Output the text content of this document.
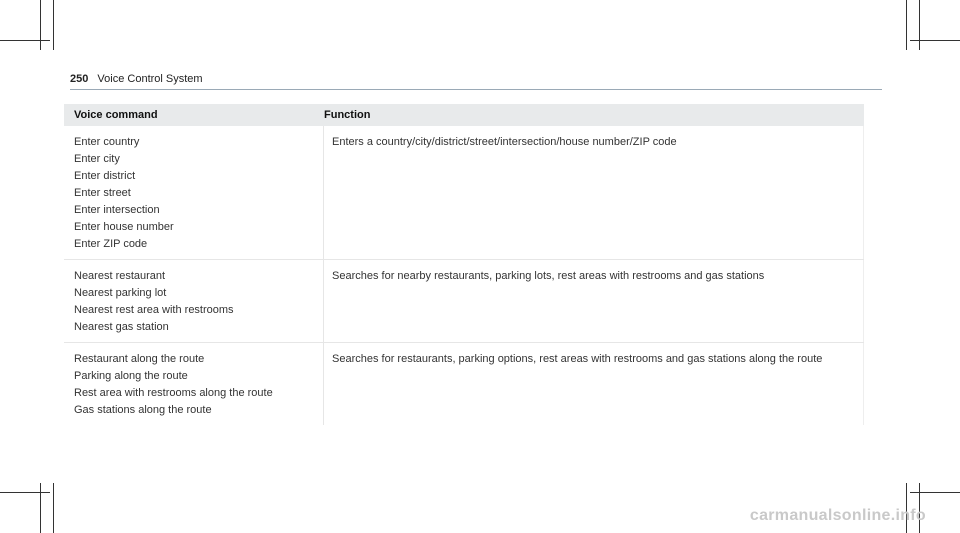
250 Voice Control System
Voice command	Function
Enter country
Enter city
Enter district
Enter street
Enter intersection
Enter house number
Enter ZIP code
Enters a country/city/district/street/intersection/house number/ZIP code
Nearest restaurant
Nearest parking lot
Nearest rest area with restrooms
Nearest gas station
Searches for nearby restaurants, parking lots, rest areas with restrooms and gas stations
Restaurant along the route
Parking along the route
Rest area with restrooms along the route
Gas stations along the route
Searches for restaurants, parking options, rest areas with restrooms and gas stations along the route
carmanualsonline.info
